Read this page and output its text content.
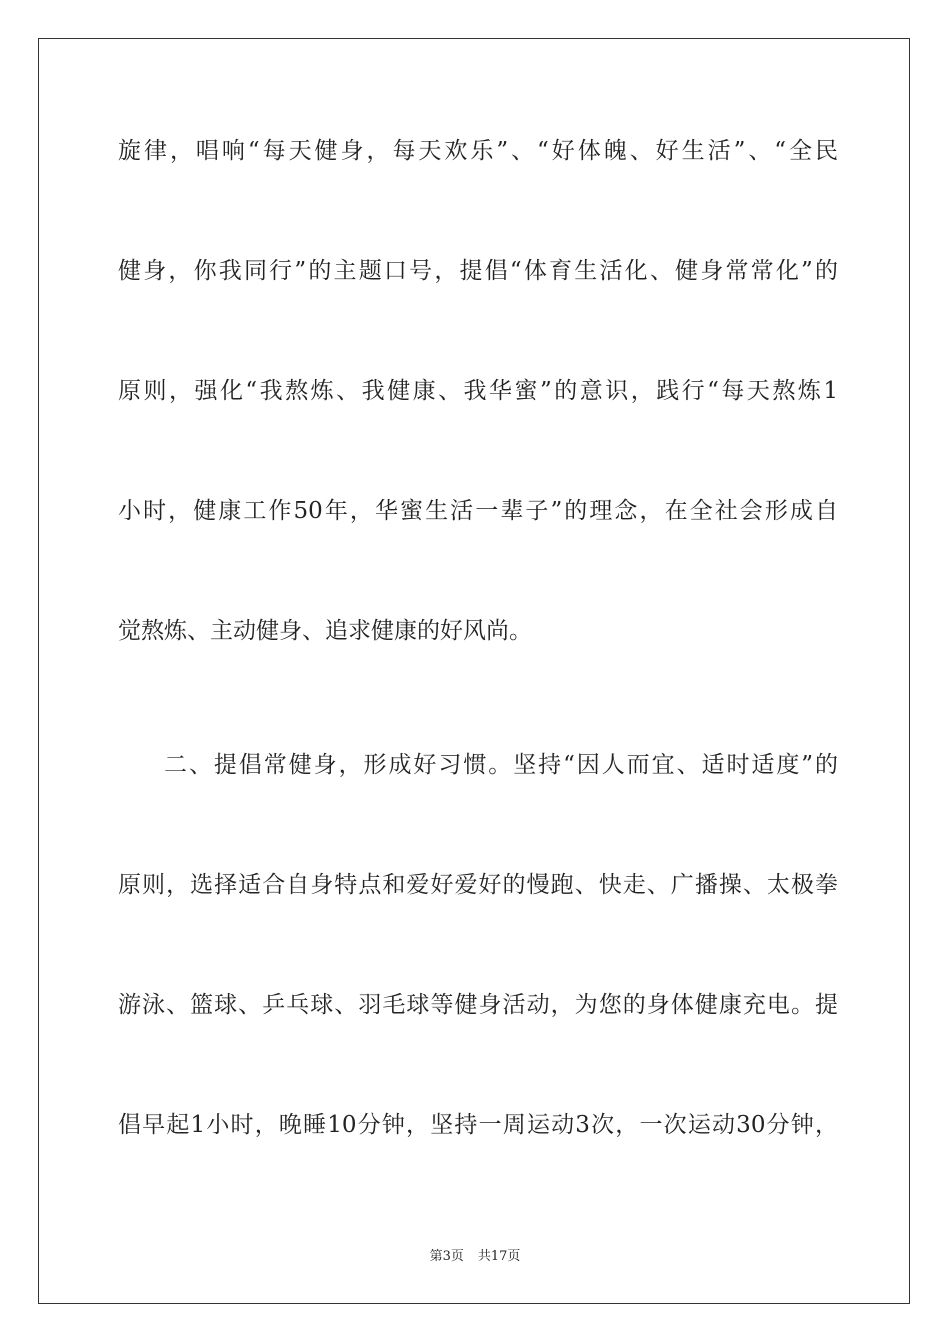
旋律，唱响“每天健身，每天欢乐”、“好体魄、好生活”、“全民
健身，你我同行”的主题口号，提倡“体育生活化、健身常常化”的
原则，强化“我熬炼、我健康、我华蜜”的意识，践行“每天熬炼1
小时，健康工作50年，华蜜生活一辈子”的理念，在全社会形成自
觉熬炼、主动健身、追求健康的好风尚。
二、提倡常健身，形成好习惯。坚持“因人而宜、适时适度”的
原则，选择适合自身特点和爱好爱好的慢跑、快走、广播操、太极拳
游泳、篮球、乒乓球、羽毛球等健身活动，为您的身体健康充电。提
倡早起1小时，晚睡10分钟，坚持一周运动3次，一次运动30分钟，
第3页 共17页
